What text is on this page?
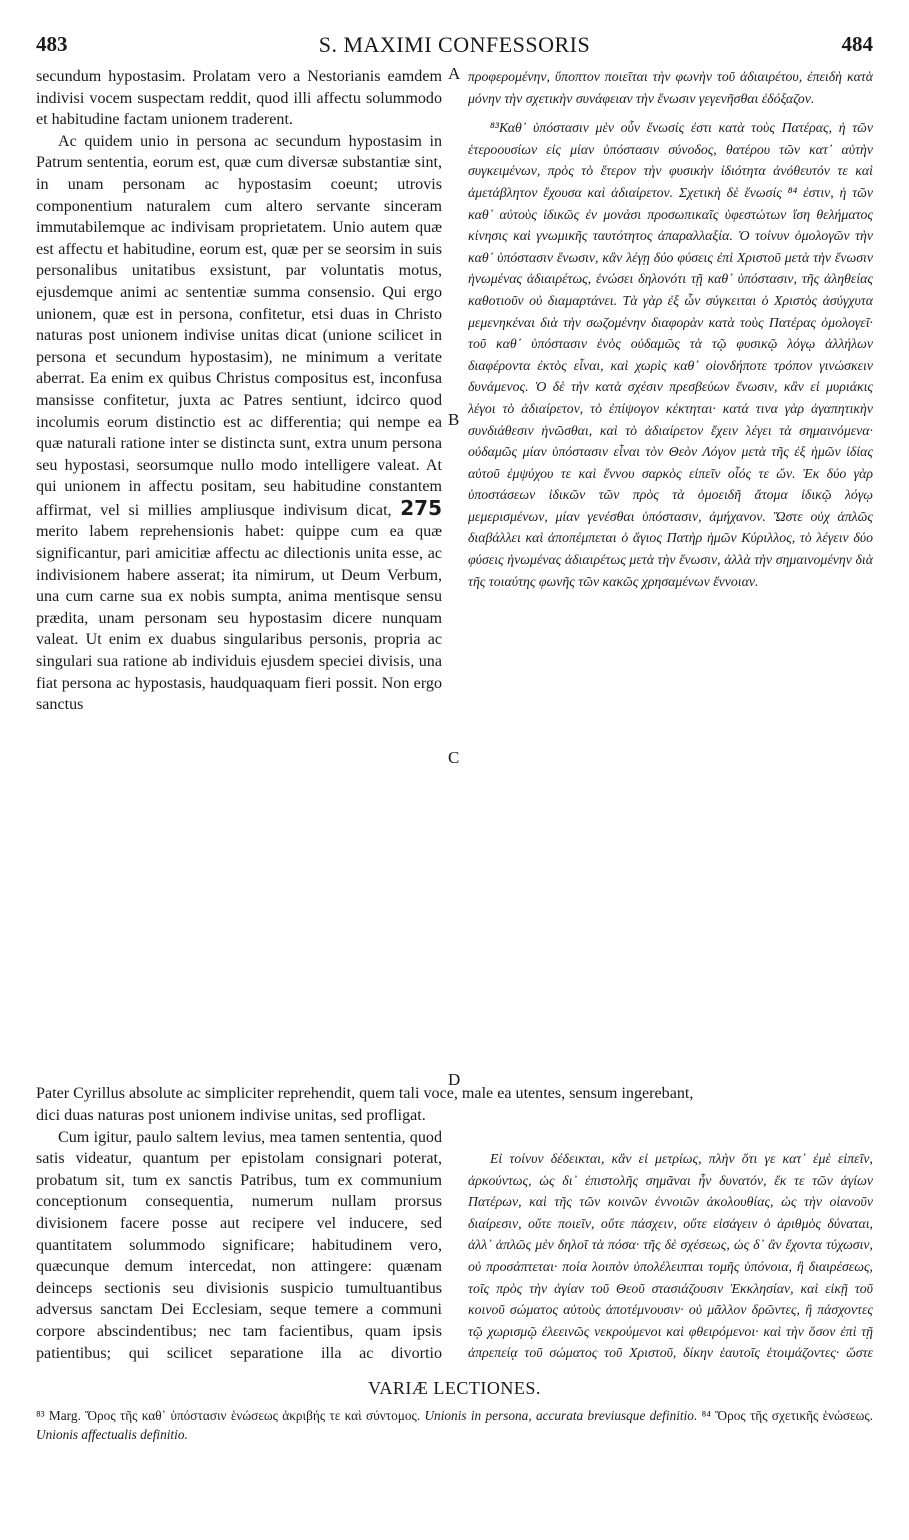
483	S. MAXIMI CONFESSORIS	484

secundum hypostasim. Prolatam vero a Nestorianis eamdem indivisi vocem suspectam reddit, quod illi affectu solummodo et habitudine factam unionem traderent.

Ac quidem unio in persona ac secundum hypostasim in Patrum sententia, eorum est, quæ cum diversæ substantiæ sint, in unam personam ac hypostasim coeunt; utrovis componentium naturalem cum altero servante sinceram immutabilemque ac indivisam proprietatem. Unio autem quæ est affectu et habitudine, eorum est, quæ per se seorsim in suis personalibus unitatibus exsistunt, par voluntatis motus, ejusdemque animi ac sententiæ summa consensio. Qui ergo unionem, quæ est in persona, confitetur, etsi duas in Christo naturas post unionem indivise unitas dicat (unione scilicet in persona et secundum hypostasim), ne minimum a veritate aberrat. Ea enim ex quibus Christus compositus est, inconfusa mansisse confitetur, juxta ac Patres sentiunt, idcirco quod incolumis eorum distinctio est ac differentia; qui nempe ea quæ naturali ratione inter se distincta sunt, extra unum persona seu hypostasi, seorsumque nullo modo intelligere valeat. At qui unionem in affectu positam, seu habitudine constantem affirmat, vel si millies ampliusque indivisum dicat, 275 merito labem reprehensionis habet: quippe cum ea quæ significantur, pari amicitiæ affectu ac dilectionis unita esse, ac indivisionem habere asserat; ita nimirum, ut Deum Verbum, una cum carne sua ex nobis sumpta, anima mentisque sensu prædita, unam personam seu hypostasim dicere nunquam valeat. Ut enim ex duabus singularibus personis, propria ac singulari sua ratione ab individuis ejusdem speciei divisis, una fiat persona ac hypostasis, haudquaquam fieri possit. Non ergo sanctus

προφερομένην, ὕποπτον ποιεῖται τὴν φωνὴν τοῦ ἀδιαιρέτου, ἐπειδὴ κατὰ μόνην τὴν σχετικὴν συνάφειαν τὴν ἕνωσιν γεγενῆσθαι ἐδόξαζον.

⁸³Καθ᾽ ὑπόστασιν μὲν οὖν ἕνωσίς ἐστι κατὰ τοὺς Πατέρας, ἡ τῶν ἑτεροουσίων εἰς μίαν ὑπόστασιν σύνοδος, θατέρου τῶν κατ᾽ αὐτὴν συγκειμένων, πρὸς τὸ ἕτερον τὴν φυσικὴν ἰδιότητα ἀνόθευτόν τε καὶ ἀμετάβλητον ἔχουσα καὶ ἀδιαίρετον. Σχετικὴ δὲ ἕνωσίς ⁸⁴ ἐστιν, ἡ τῶν καθ᾽ αὐτοὺς ἰδικῶς ἐν μονάσι προσωπικαῖς ὑφεστώτων ἴση θελήματος κίνησις καὶ γνωμικῆς ταυτότητος ἀπαραλλαξία. Ὁ τοίνυν ὁμολογῶν τὴν καθ᾽ ὑπόστασιν ἕνωσιν, κἂν λέγῃ δύο φύσεις ἐπὶ Χριστοῦ μετὰ τὴν ἕνωσιν ἡνωμένας ἀδιαιρέτως, ἑνώσει δηλονότι τῇ καθ᾽ ὑπόστασιν, τῆς ἀληθείας καθοτιοῦν οὐ διαμαρτάνει. Τὰ γὰρ ἐξ ὧν σύγκειται ὁ Χριστὸς ἀσύγχυτα μεμενηκέναι διὰ τὴν σωζομένην διαφορὰν κατὰ τοὺς Πατέρας ὁμολογεῖ· τοῦ καθ᾽ ὑπόστασιν ἑνὸς οὐδαμῶς τὰ τῷ φυσικῷ λόγῳ ἀλλήλων διαφέροντα ἐκτὸς εἶναι, καὶ χωρὶς καθ᾽ οἱονδήποτε τρόπον γινώσκειν δυνάμενος. Ὁ δὲ τὴν κατὰ σχέσιν πρεσβεύων ἕνωσιν, κἂν εἰ μυριάκις λέγοι τὸ ἀδιαίρετον, τὸ ἐπίψογον κέκτηται· κατά τινα γὰρ ἀγαπητικὴν συνδιάθεσιν ἡνῶσθαι, καὶ τὸ ἀδιαίρετον ἔχειν λέγει τὰ σημαινόμενα· οὐδαμῶς μίαν ὑπόστασιν εἶναι τὸν Θεὸν Λόγον μετὰ τῆς ἐξ ἡμῶν ἰδίας αὐτοῦ ἐμψύχου τε καὶ ἔννου σαρκὸς εἰπεῖν οἷός τε ὤν. Ἐκ δύο γὰρ ὑποστάσεων ἰδικῶν τῶν πρὸς τὰ ὁμοειδῆ ἄτομα ἰδικῷ λόγῳ μεμερισμένων, μίαν γενέσθαι ὑπόστασιν, ἀμήχανον. Ὥστε οὐχ ἁπλῶς διαβάλλει καὶ ἀποπέμπεται ὁ ἅγιος Πατὴρ ἡμῶν Κύριλλος, τὸ λέγειν δύο φύσεις ἡνωμένας ἀδιαιρέτως μετὰ τὴν ἕνωσιν, ἀλλὰ τὴν σημαινομένην διὰ τῆς τοιαύτης φωνῆς τῶν κακῶς χρησαμένων ἔννοιαν.

A
B
C
D
Pater Cyrillus absolute ac simpliciter reprehendit, quem tali voce, male ea utentes, sensum ingerebant,

dici duas naturas post unionem indivise unitas, sed profligat.

Cum igitur, paulo saltem levius, mea tamen sententia, quod satis videatur, quantum per epistolam consignari poterat, probatum sit, tum ex sanctis Patribus, tum ex communium conceptionum consequentia, numerum nullam prorsus divisionem facere posse aut recipere vel inducere, sed quantitatem solummodo significare; habitudinem vero, quæcunque demum intercedat, non attingere: quænam deinceps sectionis seu divisionis suspicio tumultuantibus adversus sanctam Dei Ecclesiam, seque temere a communi corpore abscindentibus; nec tam facientibus, quam ipsis patientibus; qui scilicet separatione illa ac divortio

Εἰ τοίνυν δέδεικται, κἂν εἰ μετρίως, πλὴν ὅτι γε κατ᾽ ἐμὲ εἰπεῖν, ἀρκούντως, ὡς δι᾽ ἐπιστολῆς σημᾶναι ἦν δυνατόν, ἔκ τε τῶν ἁγίων Πατέρων, καὶ τῆς τῶν κοινῶν ἐννοιῶν ἀκολουθίας, ὡς τὴν οἱανοῦν διαίρεσιν, οὔτε ποιεῖν, οὔτε πάσχειν, οὔτε εἰσάγειν ὁ ἀριθμὸς δύναται, ἀλλ᾽ ἁπλῶς μὲν δηλοῖ τὰ πόσα· τῆς δὲ σχέσεως, ὡς δ᾽ ἂν ἔχοντα τύχωσιν, οὐ προσάπτεται· ποία λοιπὸν ὑπολέλειπται τομῆς ὑπόνοια, ἢ διαιρέσεως, τοῖς πρὸς τὴν ἁγίαν τοῦ Θεοῦ στασιάζουσιν Ἐκκλησίαν, καὶ εἰκῇ τοῦ κοινοῦ σώματος αὐτοὺς ἀποτέμνουσιν· οὐ μᾶλλον δρῶντες, ἢ πάσχοντες τῷ χωρισμῷ ἐλεεινῶς νεκρούμενοι καὶ φθειρόμενοι· καὶ τὴν ὅσον ἐπὶ τῇ ἀπρεπείᾳ τοῦ σώματος τοῦ Χριστοῦ, δίκην ἑαυτοῖς ἑτοιμάζοντες· ὥστε

VARIÆ LECTIONES.
⁸³ Marg. Ὅρος τῆς καθ᾽ ὑπόστασιν ἑνώσεως ἀκριβής τε καὶ σύντομος. Unionis in persona, accurata breviusque definitio. ⁸⁴ Ὅρος τῆς σχετικῆς ἑνώσεως. Unionis affectualis definitio.
